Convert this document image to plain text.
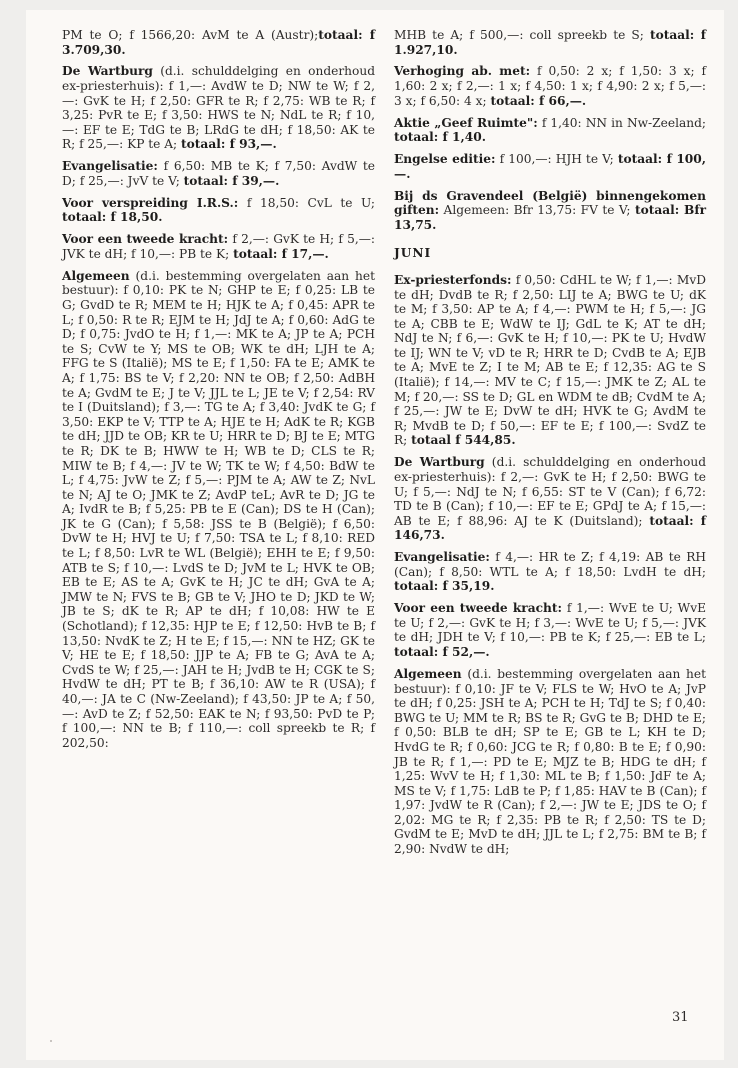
PM te O; f 1566,20: AvM te A (Austr);totaal: f 3.709,30.

De Wartburg (d.i. schulddelging en onderhoud ex-priesterhuis): f 1,—: AvdW te D; NW te W; f 2,—: GvK te H; f 2,50: GFR te R; f 2,75: WB te R; f 3,25: PvR te E; f 3,50: HWS te N; NdL te R; f 10,—: EF te E; TdG te B; LRdG te dH; f 18,50: AK te R; f 25,—: KP te A; totaal: f 93,—.

Evangelisatie: f 6,50: MB te K; f 7,50: AvdW te D; f 25,—: JvV te V; totaal: f 39,—.

Voor verspreiding I.R.S.: f 18,50: CvL te U; totaal: f 18,50.

Voor een tweede kracht: f 2,—: GvK te H; f 5,—: JVK te dH; f 10,—: PB te K; totaal: f 17,—.

Algemeen (d.i. bestemming overgelaten aan het bestuur): f 0,10: PK te N; GHP te E; f 0,25: LB te G; GvdD te R; MEM te H; HJK te A; f 0,45: APR te L; f 0,50: R te R; EJM te H; JdJ te A; f 0,60: AdG te D; f 0,75: JvdO te H; f 1,—: MK te A; JP te A; PCH te S; CvW te Y; MS te OB; WK te dH; LJH te A; FFG te S (Italië); MS te E; f 1,50: FA te E; AMK te A; f 1,75: BS te V; f 2,20: NN te OB; f 2,50: AdBH te A; GvdM te E; J te V; JJL te L; JE te V; f 2,54: RV te I (Duitsland); f 3,—: TG te A; f 3,40: JvdK te G; f 3,50: EKP te V; TTP te A; HJE te H; AdK te R; KGB te dH; JJD te OB; KR te U; HRR te D; BJ te E; MTG te R; DK te B; HWW te H; WB te D; CLS te R; MIW te B; f 4,—: JV te W; TK te W; f 4,50: BdW te L; f 4,75: JvW te Z; f 5,—: PJM te A; AW te Z; NvL te N; AJ te O; JMK te Z; AvdP teL; AvR te D; JG te A; IvdR te B; f 5,25: PB te E (Can); DS te H (Can); JK te G (Can); f 5,58: JSS te B (België); f 6,50: DvW te H; HVJ te U; f 7,50: TSA te L; f 8,10: RED te L; f 8,50: LvR te WL (België); EHH te E; f 9,50: ATB te S; f 10,—: LvdS te D; JvM te L; HVK te OB; EB te E; AS te A; GvK te H; JC te dH; GvA te A; JMW te N; FVS te B; GB te V; JHO te D; JKD te W; JB te S; dK te R; AP te dH; f 10,08: HW te E (Schotland); f 12,35: HJP te E; f 12,50: HvB te B; f 13,50: NvdK te Z; H te E; f 15,—: NN te HZ; GK te V; HE te E; f 18,50: JJP te A; FB te G; AvA te A; CvdS te W; f 25,—: JAH te H; JvdB te H; CGK te S; HvdW te dH; PT te B; f 36,10: AW te R (USA); f 40,—: JA te C (Nw-Zeeland); f 43,50: JP te A; f 50,—: AvD te Z; f 52,50: EAK te N; f 93,50: PvD te P; f 100,—: NN te B; f 110,—: coll spreekb te R; f 202,50:

MHB te A; f 500,—: coll spreekb te S; totaal: f 1.927,10.

Verhoging ab. met: f 0,50: 2 x; f 1,50: 3 x; f 1,60: 2 x; f 2,—: 1 x; f 4,50: 1 x; f 4,90: 2 x; f 5,—: 3 x; f 6,50: 4 x; totaal: f 66,—.

Aktie „Geef Ruimte": f 1,40: NN in Nw-Zeeland; totaal: f 1,40.

Engelse editie: f 100,—: HJH te V; totaal: f 100,—.

Bij ds Gravendeel (België) binnengekomen giften: Algemeen: Bfr 13,75: FV te V; totaal: Bfr 13,75.

JUNI

Ex-priesterfonds: f 0,50: CdHL te W; f 1,—: MvD te dH; DvdB te R; f 2,50: LIJ te A; BWG te U; dK te M; f 3,50: AP te A; f 4,—: PWM te H; f 5,—: JG te A; CBB te E; WdW te IJ; GdL te K; AT te dH; NdJ te N; f 6,—: GvK te H; f 10,—: PK te U; HvdW te IJ; WN te V; vD te R; HRR te D; CvdB te A; EJB te A; MvE te Z; I te M; AB te E; f 12,35: AG te S (Italië); f 14,—: MV te C; f 15,—: JMK te Z; AL te M; f 20,—: SS te D; GL en WDM te dB; CvdM te A; f 25,—: JW te E; DvW te dH; HVK te G; AvdM te R; MvdB te D; f 50,—: EF te E; f 100,—: SvdZ te R; totaal f 544,85.

De Wartburg (d.i. schulddelging en onderhoud ex-priesterhuis): f 2,—: GvK te H; f 2,50: BWG te U; f 5,—: NdJ te N; f 6,55: ST te V (Can); f 6,72: TD te B (Can); f 10,—: EF te E; GPdJ te A; f 15,—: AB te E; f 88,96: AJ te K (Duitsland); totaal: f 146,73.

Evangelisatie: f 4,—: HR te Z; f 4,19: AB te RH (Can); f 8,50: WTL te A; f 18,50: LvdH te dH; totaal: f 35,19.

Voor een tweede kracht: f 1,—: WvE te U; WvE te U; f 2,—: GvK te H; f 3,—: WvE te U; f 5,—: JVK te dH; JDH te V; f 10,—: PB te K; f 25,—: EB te L; totaal: f 52,—.

Algemeen (d.i. bestemming overgelaten aan het bestuur): f 0,10: JF te V; FLS te W; HvO te A; JvP te dH; f 0,25: JSH te A; PCH te H; TdJ te S; f 0,40: BWG te U; MM te R; BS te R; GvG te B; DHD te E; f 0,50: BLB te dH; SP te E; GB te L; KH te D; HvdG te R; f 0,60: JCG te R; f 0,80: B te E; f 0,90: JB te R; f 1,—: PD te E; MJZ te B; HDG te dH; f 1,25: WvV te H; f 1,30: ML te B; f 1,50: JdF te A; MS te V; f 1,75: LdB te P; f 1,85: HAV te B (Can); f 1,97: JvdW te R (Can); f 2,—: JW te E; JDS te O; f 2,02: MG te R; f 2,35: PB te R; f 2,50: TS te D; GvdM te E; MvD te dH; JJL te L; f 2,75: BM te B; f 2,90: NvdW te dH;

31
